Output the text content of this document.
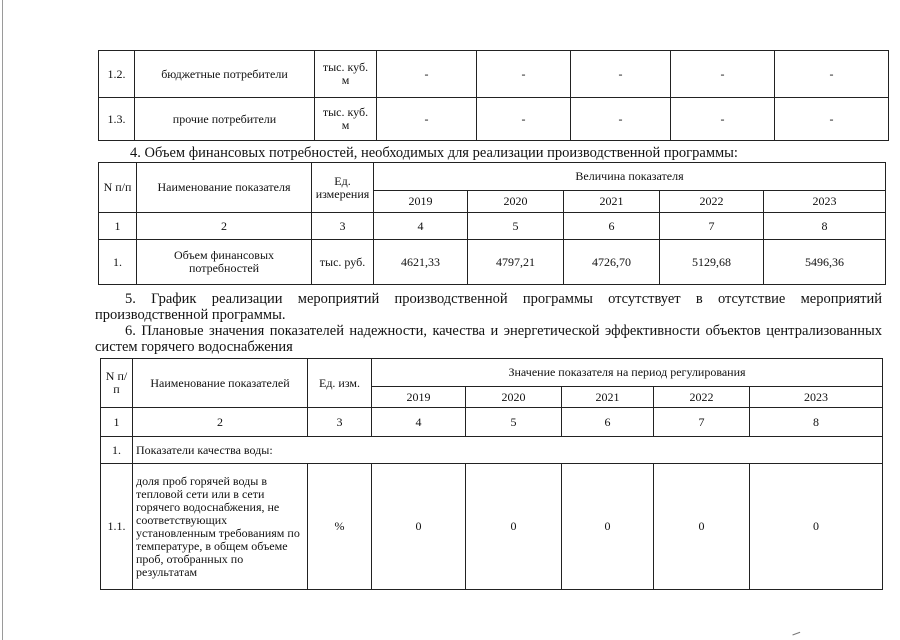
1.2.	бюджетные потребители	тыс. куб. м	-	-	-	-	-
1.3.	прочие потребители	тыс. куб. м	-	-	-	-	-
4. Объем финансовых потребностей, необходимых для реализации производственной программы:
N п/п	Наименование показателя	Ед. измерения	Величина показателя				
			2019	2020	2021	2022	2023
1	2	3	4	5	6	7	8
1.	Объем финансовых потребностей	тыс. руб.	4621,33	4797,21	4726,70	5129,68	5496,36
5. График реализации мероприятий производственной программы отсутствует в отсутствие мероприятий производственной программы.
6. Плановые значения показателей надежности, качества и энергетической эффективности объектов централизованных систем горячего водоснабжения
N п/п	Наименование показателей	Ед. изм.	Значение показателя на период регулирования				
			2019	2020	2021	2022	2023
1	2	3	4	5	6	7	8
1.	Показатели качества воды:						
1.1.	доля проб горячей воды в тепловой сети или в сети горячего водоснабжения, не соответствующих установленным требованиям по температуре, в общем объеме проб, отобранных по результатам	%	0	0	0	0	0
